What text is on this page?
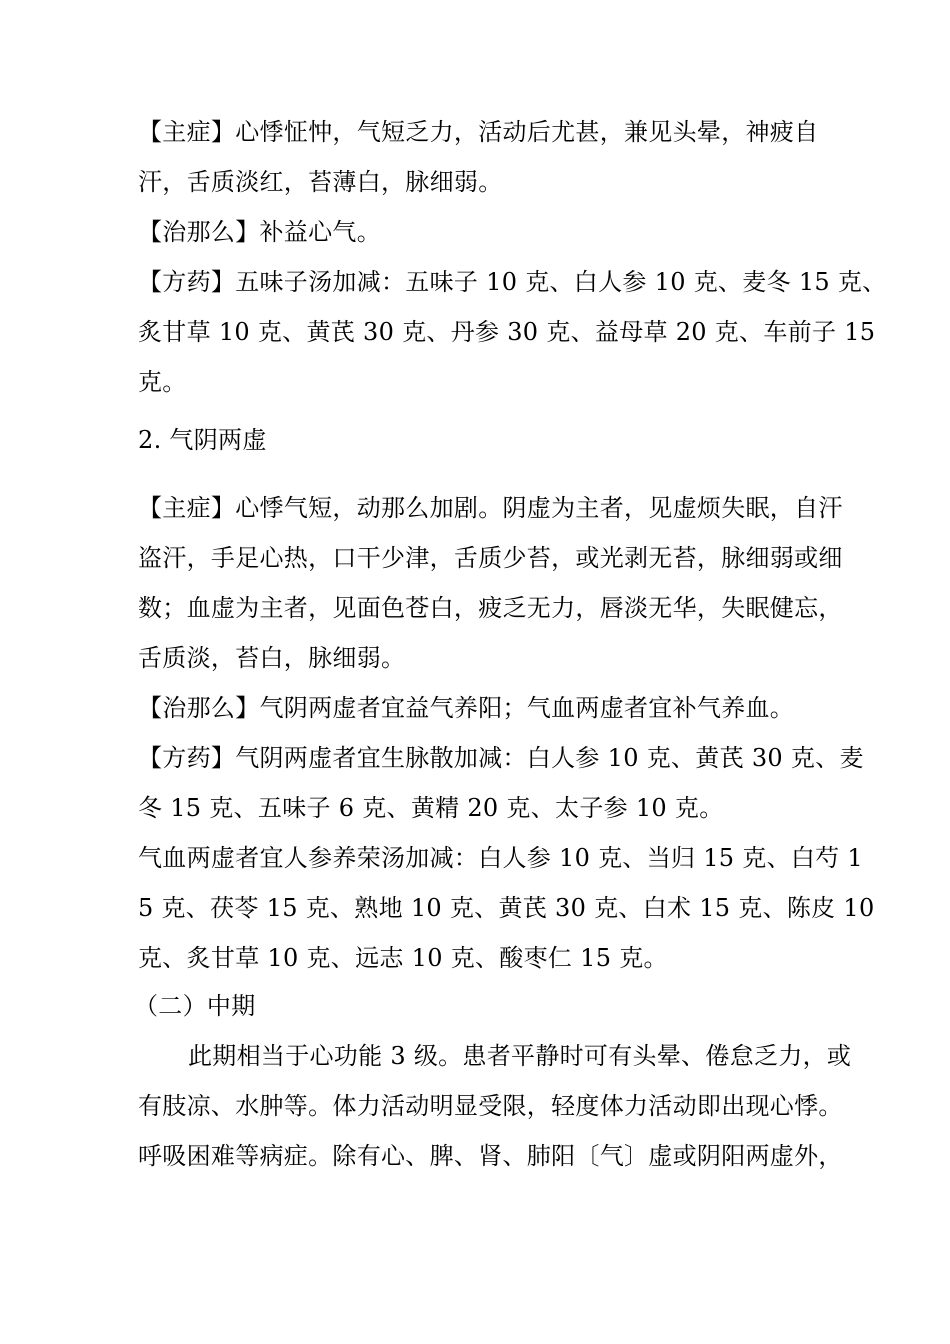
【主症】心悸怔忡，气短乏力，活动后尤甚，兼见头晕，神疲自
汗，舌质淡红，苔薄白，脉细弱。
【治那么】补益心气。
【方药】五味子汤加减：五味子 10 克、白人参 10 克、麦冬 15 克、
炙甘草 10 克、黄芪 30 克、丹参 30 克、益母草 20 克、车前子 15
克。
2. 气阴两虚
【主症】心悸气短，动那么加剧。阴虚为主者，见虚烦失眠，自汗
盗汗，手足心热，口干少津，舌质少苔，或光剥无苔，脉细弱或细
数；血虚为主者，见面色苍白，疲乏无力，唇淡无华，失眠健忘，
舌质淡，苔白，脉细弱。
【治那么】气阴两虚者宜益气养阳；气血两虚者宜补气养血。
【方药】气阴两虚者宜生脉散加减：白人参 10 克、黄芪 30 克、麦
冬 15 克、五味子 6 克、黄精 20 克、太子参 10 克。
气血两虚者宜人参养荣汤加减：白人参 10 克、当归 15 克、白芍 1
5 克、茯苓 15 克、熟地 10 克、黄芪 30 克、白术 15 克、陈皮 10
克、炙甘草 10 克、远志 10 克、酸枣仁 15 克。
（二）中期
此期相当于心功能 3 级。患者平静时可有头晕、倦怠乏力，或
有肢凉、水肿等。体力活动明显受限，轻度体力活动即出现心悸。
呼吸困难等病症。除有心、脾、肾、肺阳〔气〕虚或阴阳两虚外，
